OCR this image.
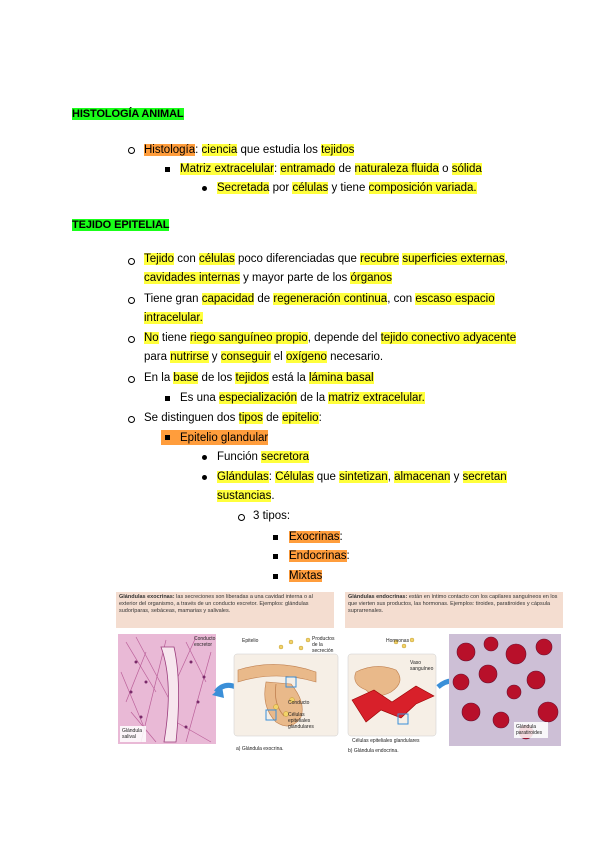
HISTOLOGÍA ANIMAL
Histología: ciencia que estudia los tejidos
Matriz extracelular: entramado de naturaleza fluida o sólida
Secretada por células y tiene composición variada.
TEJIDO EPITELIAL
Tejido con células poco diferenciadas que recubre superficies externas,
cavidades internas y mayor parte de los órganos
Tiene gran capacidad de regeneración continua, con escaso espacio
intracelular.
No tiene riego sanguíneo propio, depende del tejido conectivo adyacente
para nutrirse y conseguir el oxígeno necesario.
En la base de los tejidos está la lámina basal
Es una especialización de la matriz extracelular.
Se distinguen dos tipos de epitelio:
Epitelio glandular
Función secretora
Glándulas: Células que sintetizan, almacenan y secretan
sustancias.
3 tipos:
Exocrinas:
Endocrinas:
Mixtas
Glándulas exocrinas: las secreciones son liberadas a una cavidad interna o al exterior del organismo, a través de un conducto excretor. Ejemplos: glándulas sudoríparas, sebáceas, mamarias y salivales.
Glándulas endocrinas: están en íntimo contacto con los capilares sanguíneos en los que vierten sus productos, las hormonas. Ejemplos: tiroides, paratiroides y cápsula suprarrenales.
Conducto excretor
Glándula salival
Epitelio	Productos de la secreción
Conducto
Células epiteliales glandulares
a) Glándula exocrina.
Hormonas
Vaso sanguíneo
Células epiteliales glandulares
b) Glándula endocrina.
Glándula paratiroides
